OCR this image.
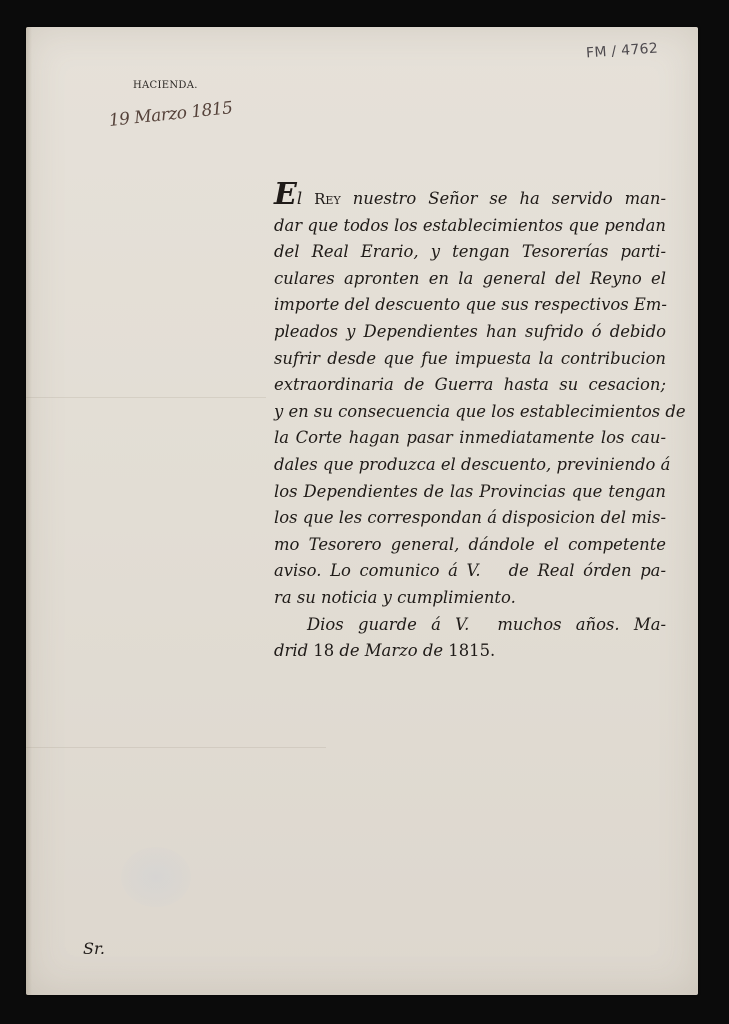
HACIENDA.
19 Marzo 1815
FM / 4762
El Rey nuestro Señor se ha servido man-
dar que todos los establecimientos que pendan
del Real Erario, y tengan Tesorerías parti-
culares apronten en la general del Reyno el
importe del descuento que sus respectivos Em-
pleados y Dependientes han sufrido ó debido
sufrir desde que fue impuesta la contribucion
extraordinaria de Guerra hasta su cesacion;
y en su consecuencia que los establecimientos de
la Corte hagan pasar inmediatamente los cau-
dales que produzca el descuento, previniendo á
los Dependientes de las Provincias que tengan
los que les correspondan á disposicion del mis-
mo Tesorero general, dándole el competente
aviso. Lo comunico á V. de Real órden pa-
ra su noticia y cumplimiento.
Dios guarde á V. muchos años. Ma-
drid 18 de Marzo de 1815.
Sr.
